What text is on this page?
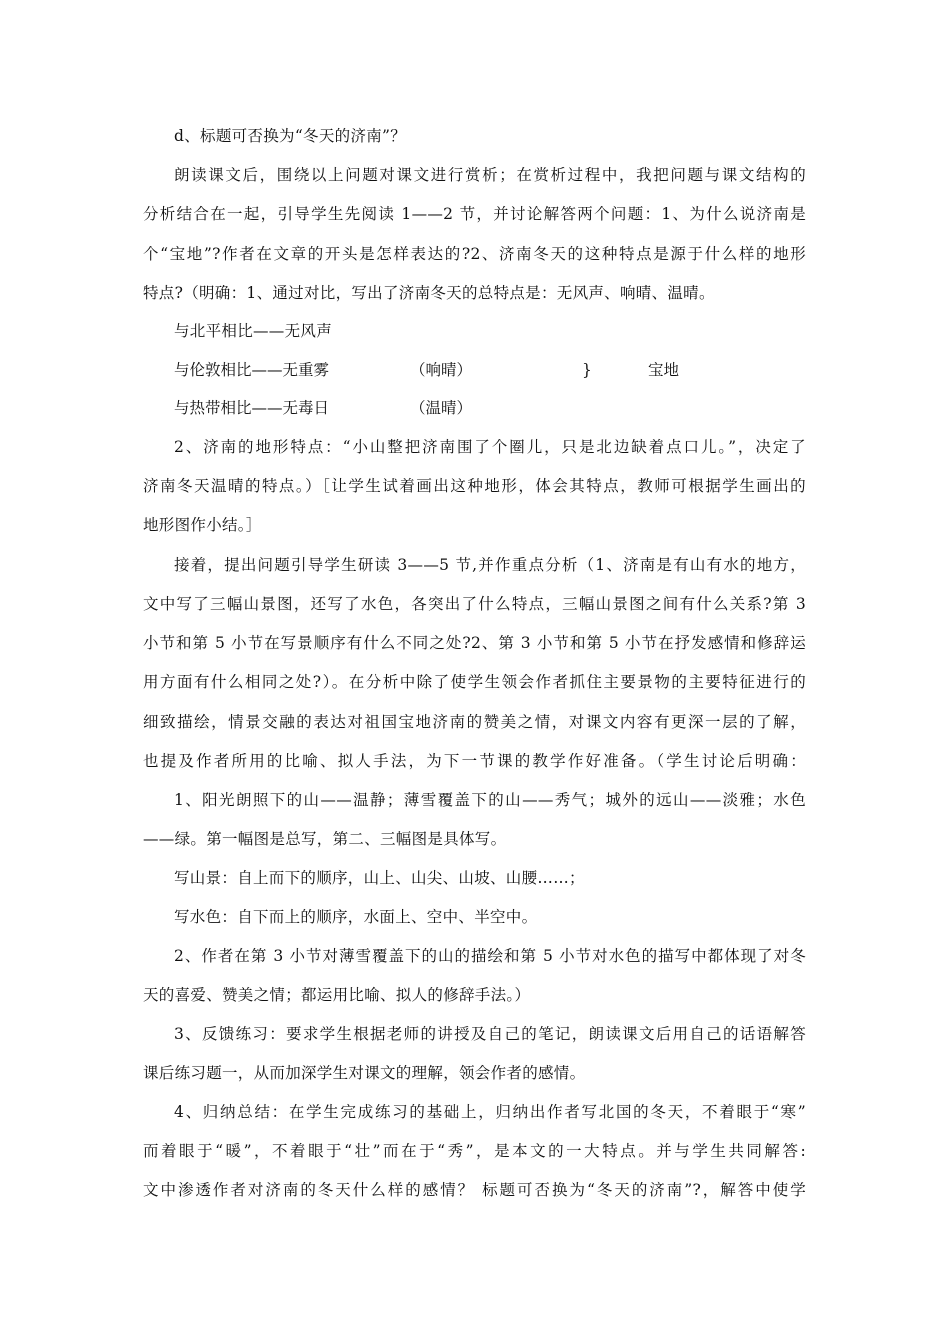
d、标题可否换为“冬天的济南”？
朗读课文后，围绕以上问题对课文进行赏析；在赏析过程中，我把问题与课文结构的
分析结合在一起，引导学生先阅读 1——2 节，并讨论解答两个问题：1、为什么说济南是
个“宝地”?作者在文章的开头是怎样表达的?2、济南冬天的这种特点是源于什么样的地形
特点?（明确：1、通过对比，写出了济南冬天的总特点是：无风声、响晴、温晴。
与北平相比——无风声
与伦敦相比——无重雾	（响晴）	}	宝地
与热带相比——无毒日	（温晴）
2、济南的地形特点：“小山整把济南围了个圈儿，只是北边缺着点口儿。”，决定了
济南冬天温晴的特点。）［让学生试着画出这种地形，体会其特点，教师可根据学生画出的
地形图作小结。］
接着，提出问题引导学生研读 3——5 节,并作重点分析（1、济南是有山有水的地方，
文中写了三幅山景图，还写了水色，各突出了什么特点，三幅山景图之间有什么关系?第 3
小节和第 5 小节在写景顺序有什么不同之处?2、第 3 小节和第 5 小节在抒发感情和修辞运
用方面有什么相同之处?）。在分析中除了使学生领会作者抓住主要景物的主要特征进行的
细致描绘，情景交融的表达对祖国宝地济南的赞美之情，对课文内容有更深一层的了解，
也提及作者所用的比喻、拟人手法，为下一节课的教学作好准备。（学生讨论后明确：
1、阳光朗照下的山——温静；薄雪覆盖下的山——秀气；城外的远山——淡雅；水色
——绿。第一幅图是总写，第二、三幅图是具体写。
写山景：自上而下的顺序，山上、山尖、山坡、山腰……；
写水色：自下而上的顺序，水面上、空中、半空中。
2、作者在第 3 小节对薄雪覆盖下的山的描绘和第 5 小节对水色的描写中都体现了对冬
天的喜爱、赞美之情；都运用比喻、拟人的修辞手法。）
3、反馈练习：要求学生根据老师的讲授及自己的笔记，朗读课文后用自己的话语解答
课后练习题一，从而加深学生对课文的理解，领会作者的感情。
4、归纳总结：在学生完成练习的基础上，归纳出作者写北国的冬天，不着眼于“寒”
而着眼于“暖”，不着眼于“壮”而在于“秀”，是本文的一大特点。并与学生共同解答:
文中渗透作者对济南的冬天什么样的感情？ 标题可否换为“冬天的济南”?，解答中使学
